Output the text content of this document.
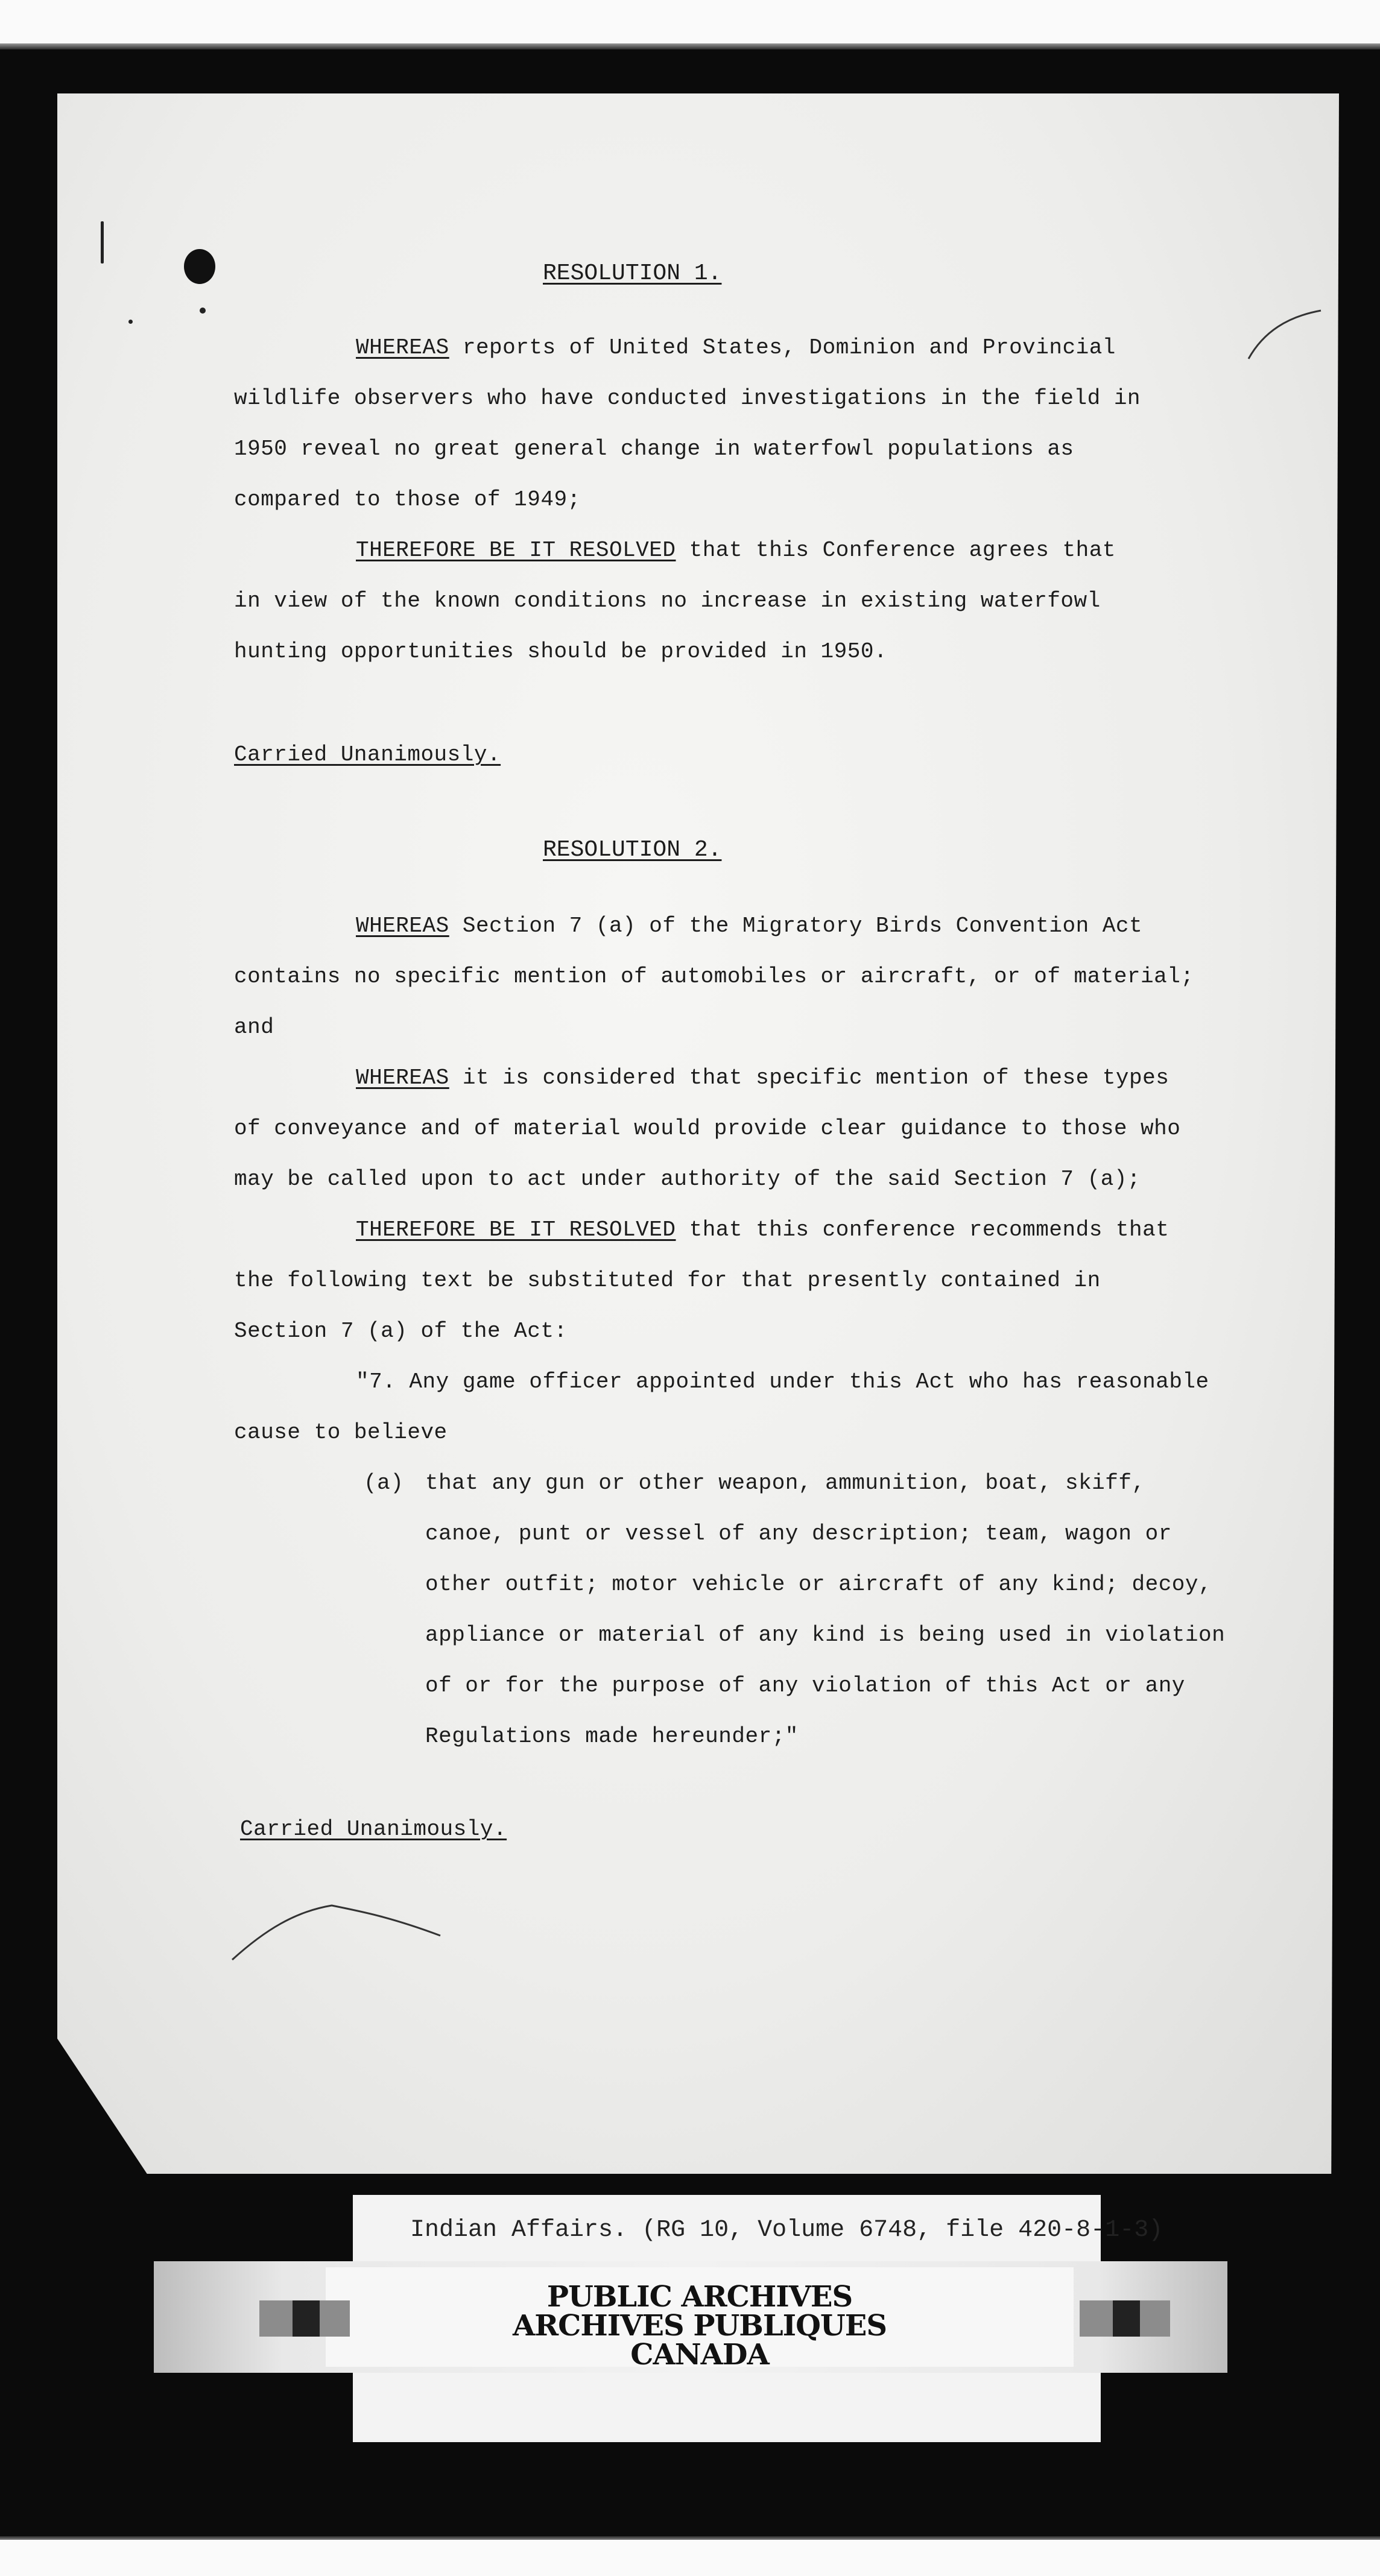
RESOLUTION 1.
WHEREAS reports of United States, Dominion and Provincial
wildlife observers who have conducted investigations in the field in
1950 reveal no great general change in waterfowl populations as
compared to those of 1949;
THEREFORE BE IT RESOLVED that this Conference agrees that
in view of the known conditions no increase in existing waterfowl
hunting opportunities should be provided in 1950.
Carried Unanimously.
RESOLUTION 2.
WHEREAS Section 7 (a) of the Migratory Birds Convention Act
contains no specific mention of automobiles or aircraft, or of material;
and
WHEREAS it is considered that specific mention of these types
of conveyance and of material would provide clear guidance to those who
may be called upon to act under authority of the said Section 7 (a);
THEREFORE BE IT RESOLVED that this conference recommends that
the following text be substituted for that presently contained in
Section 7 (a) of the Act:
"7. Any game officer appointed under this Act who has reasonable
cause to believe
(a) that any gun or other weapon, ammunition, boat, skiff,
canoe, punt or vessel of any description; team, wagon or
other outfit; motor vehicle or aircraft of any kind; decoy,
appliance or material of any kind is being used in violation
of or for the purpose of any violation of this Act or any
Regulations made hereunder;"
Carried Unanimously.
Indian Affairs. (RG 10, Volume 6748, file 420-8-1-3)
PUBLIC ARCHIVES
ARCHIVES PUBLIQUES
CANADA
